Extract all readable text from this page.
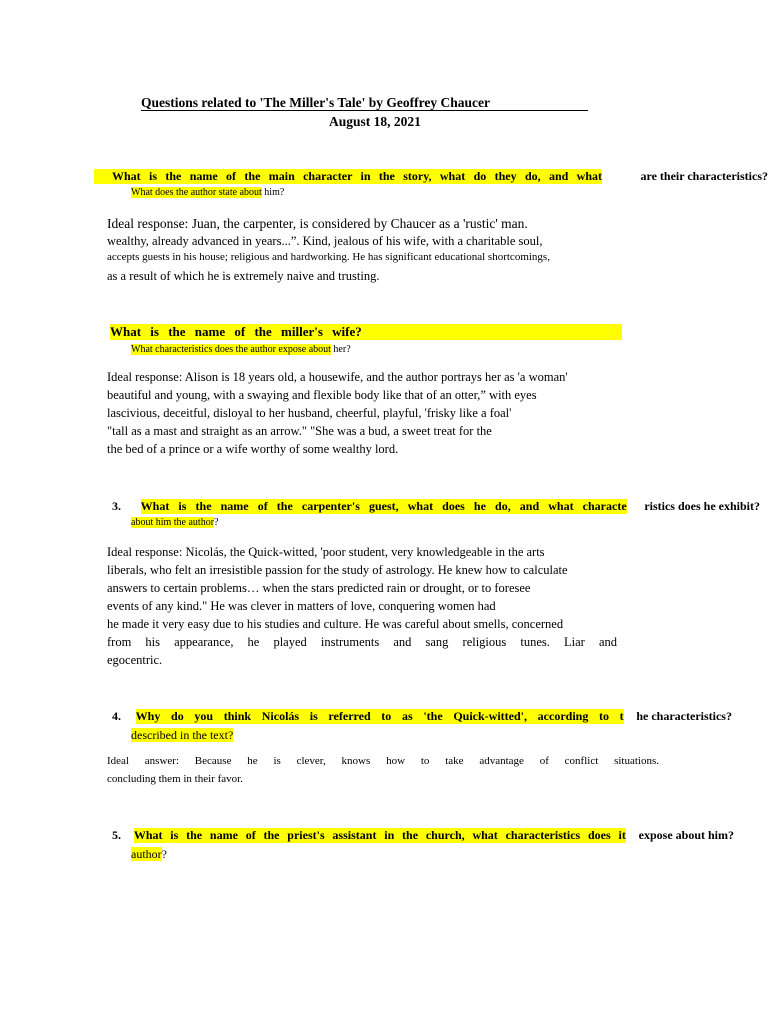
Questions related to 'The Miller's Tale' by Geoffrey Chaucer
August 18, 2021
What is the name of the main character in the story, what do they do, and what	are their characteristics?
What does the author state about him?
Ideal response: Juan, the carpenter, is considered by Chaucer as a 'rustic' man.
wealthy, already advanced in years...”. Kind, jealous of his wife, with a charitable soul,
accepts guests in his house; religious and hardworking. He has significant educational shortcomings,
as a result of which he is extremely naive and trusting.
What is the name of the miller's wife?
What characteristics does the author expose about her?
Ideal response: Alison is 18 years old, a housewife, and the author portrays her as 'a woman'
beautiful and young, with a swaying and flexible body like that of an otter,” with eyes
lascivious, deceitful, disloyal to her husband, cheerful, playful, 'frisky like a foal'
"tall as a mast and straight as an arrow." "She was a bud, a sweet treat for the
the bed of a prince or a wife worthy of some wealthy lord.
3. What is the name of the carpenter's guest, what does he do, and what characte ristics does he exhibit?
about him the author?
Ideal response: Nicolás, the Quick-witted, 'poor student, very knowledgeable in the arts
liberals, who felt an irresistible passion for the study of astrology. He knew how to calculate
answers to certain problems… when the stars predicted rain or drought, or to foresee
events of any kind." He was clever in matters of love, conquering women had
he made it very easy due to his studies and culture. He was careful about smells, concerned
from his appearance, he played instruments and sang religious tunes. Liar and
egocentric.
4. Why do you think Nicolás is referred to as 'the Quick-witted', according to t he characteristics?
described in the text?
Ideal answer: Because he is clever, knows how to take advantage of conflict situations.
concluding them in their favor.
5. What is the name of the priest's assistant in the church, what characteristics does it expose about him?
author?
